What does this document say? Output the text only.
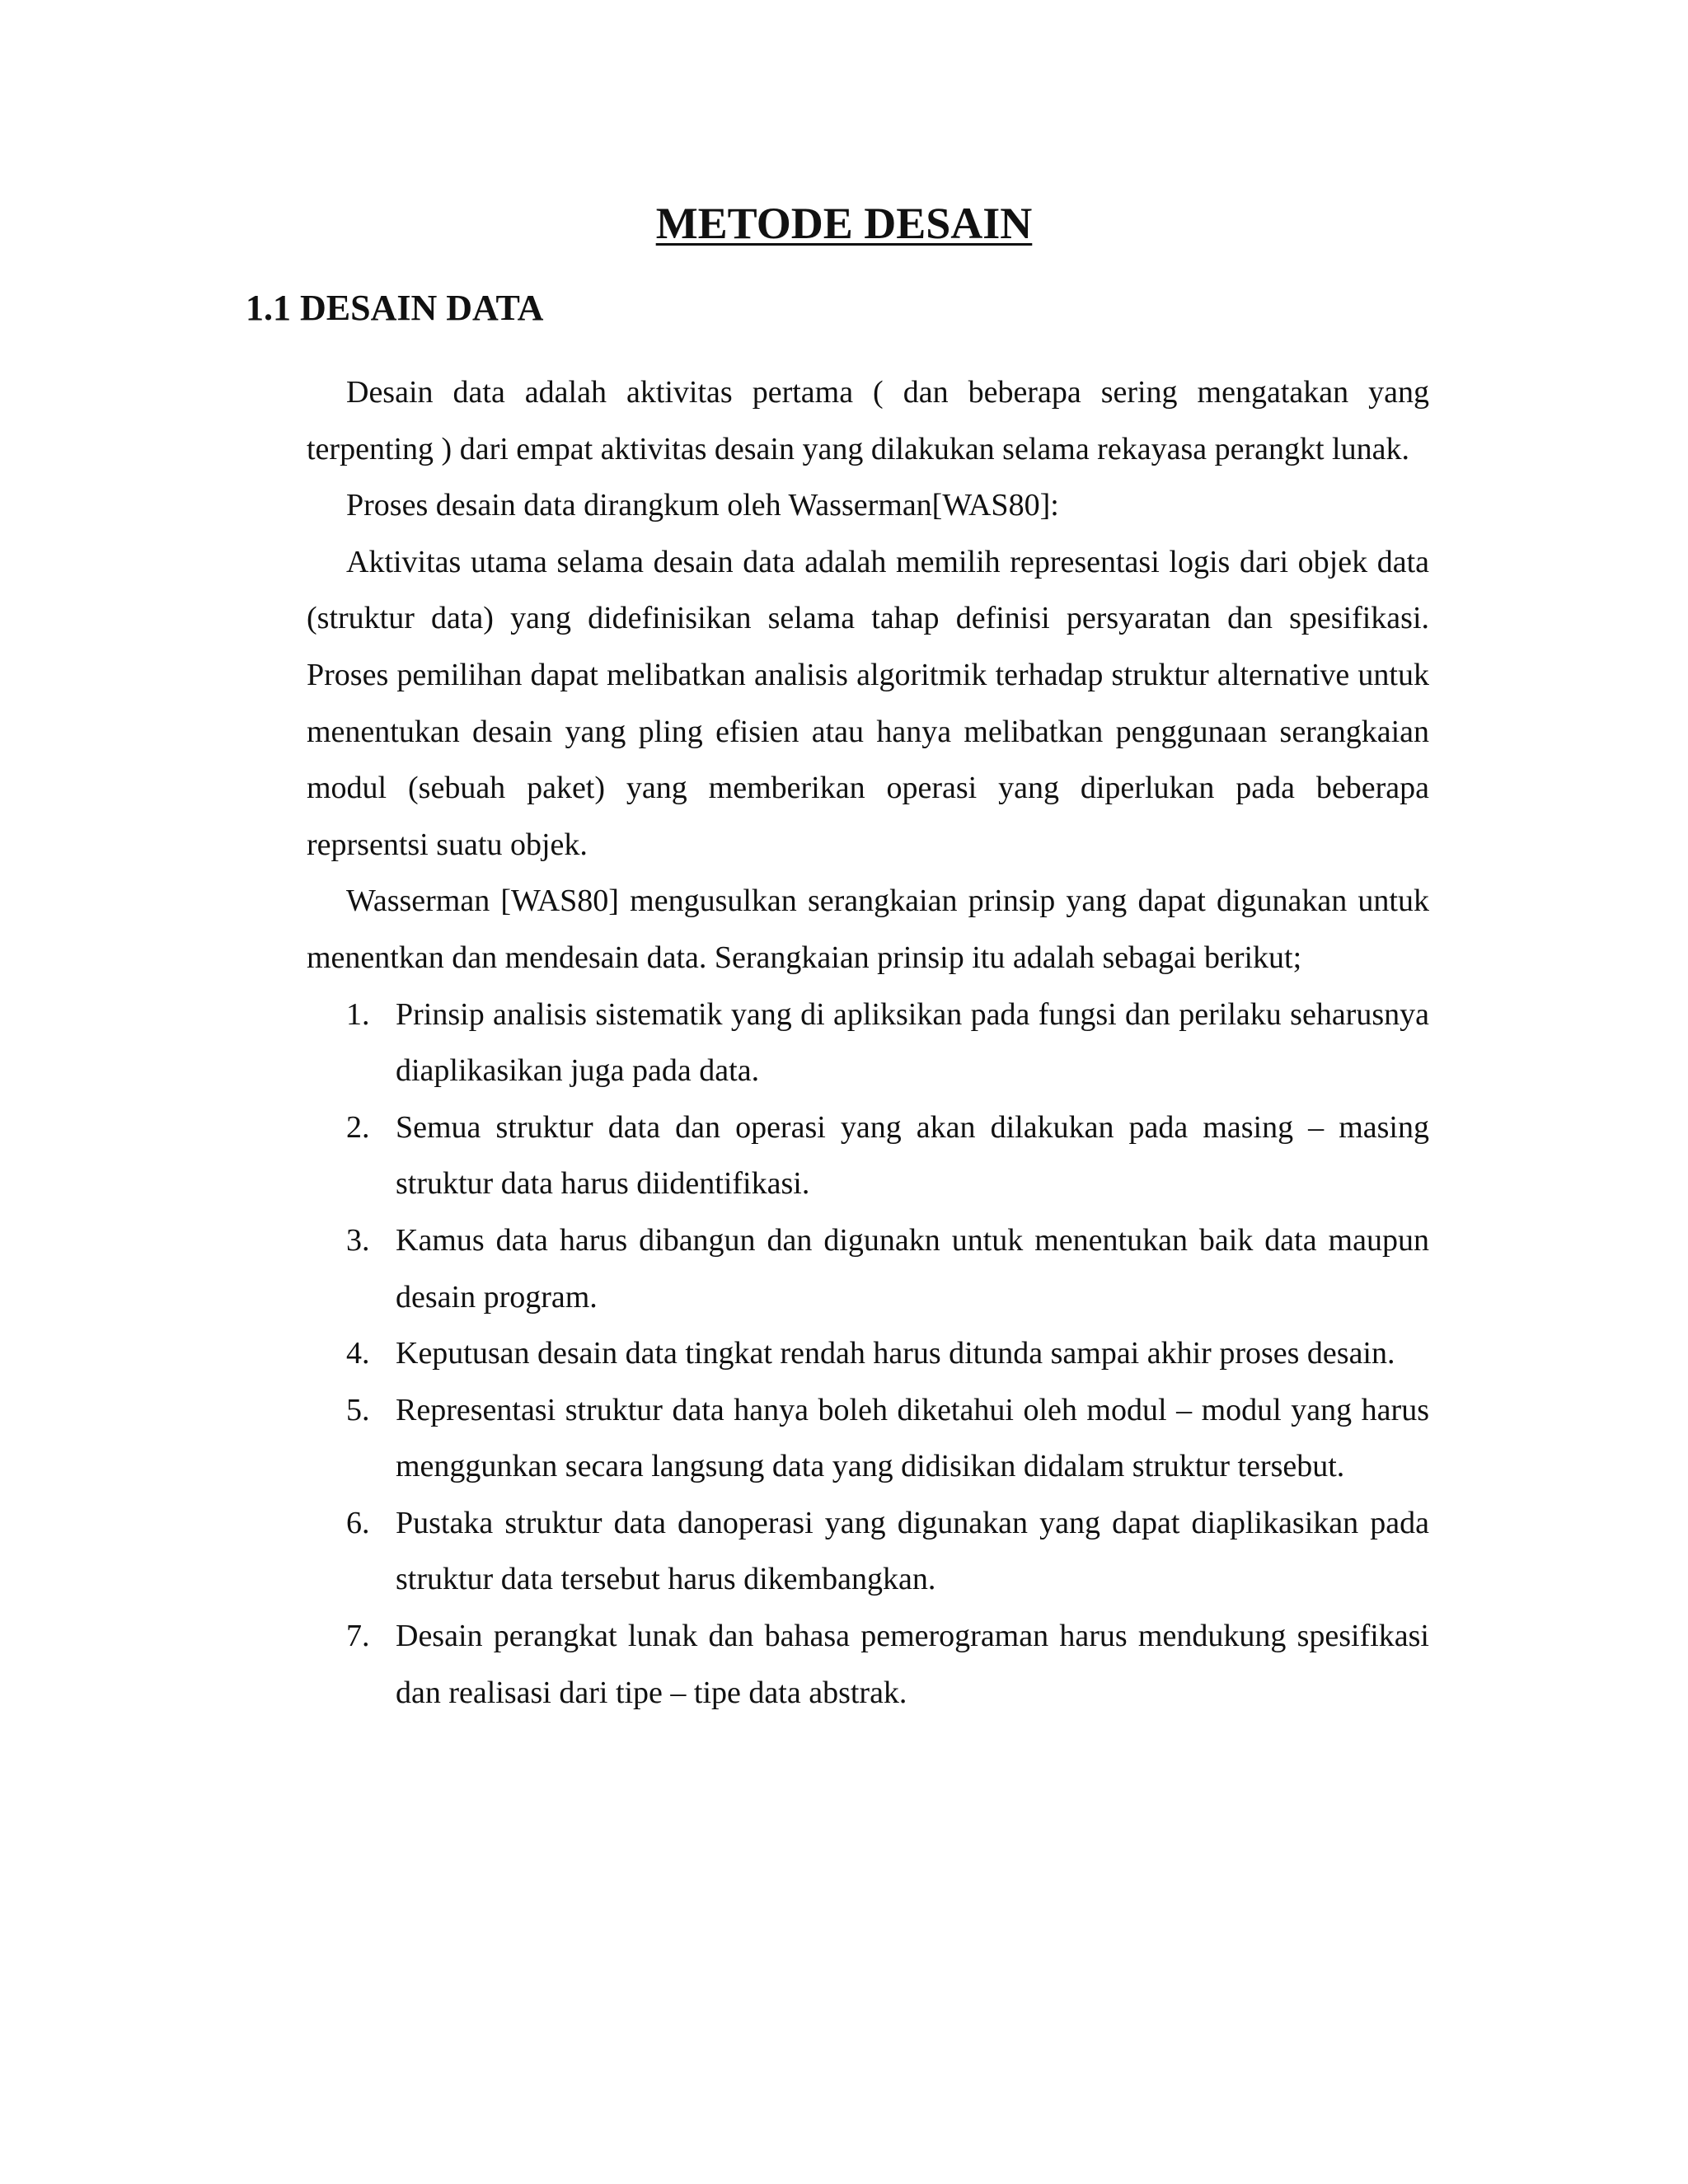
METODE DESAIN
1.1 DESAIN DATA

Desain data adalah aktivitas pertama ( dan beberapa sering mengatakan yang terpenting ) dari empat aktivitas desain yang dilakukan selama rekayasa perangkt lunak.

Proses desain data dirangkum oleh Wasserman[WAS80]:

Aktivitas utama selama desain data adalah memilih representasi logis dari objek data (struktur data) yang didefinisikan selama tahap definisi persyaratan dan spesifikasi. Proses pemilihan dapat melibatkan analisis algoritmik terhadap struktur alternative untuk menentukan desain yang pling efisien atau hanya melibatkan penggunaan serangkaian modul (sebuah paket) yang memberikan operasi yang diperlukan pada beberapa reprsentsi suatu objek.

Wasserman [WAS80] mengusulkan serangkaian prinsip yang dapat digunakan untuk menentkan dan mendesain data. Serangkaian prinsip itu adalah sebagai berikut;

1. Prinsip analisis sistematik yang di apliksikan pada fungsi dan perilaku seharusnya diaplikasikan juga pada data.
2. Semua struktur data dan operasi yang akan dilakukan pada masing – masing struktur data harus diidentifikasi.
3. Kamus data harus dibangun dan digunakn untuk menentukan baik data maupun desain program.
4. Keputusan desain data tingkat rendah harus ditunda sampai akhir proses desain.
5. Representasi struktur data hanya boleh diketahui oleh modul – modul yang harus menggunkan secara langsung data yang didisikan didalam struktur tersebut.
6. Pustaka struktur data danoperasi yang digunakan yang dapat diaplikasikan pada struktur data tersebut harus dikembangkan.
7. Desain perangkat lunak dan bahasa pemerograman harus mendukung spesifikasi dan realisasi dari tipe – tipe data abstrak.
